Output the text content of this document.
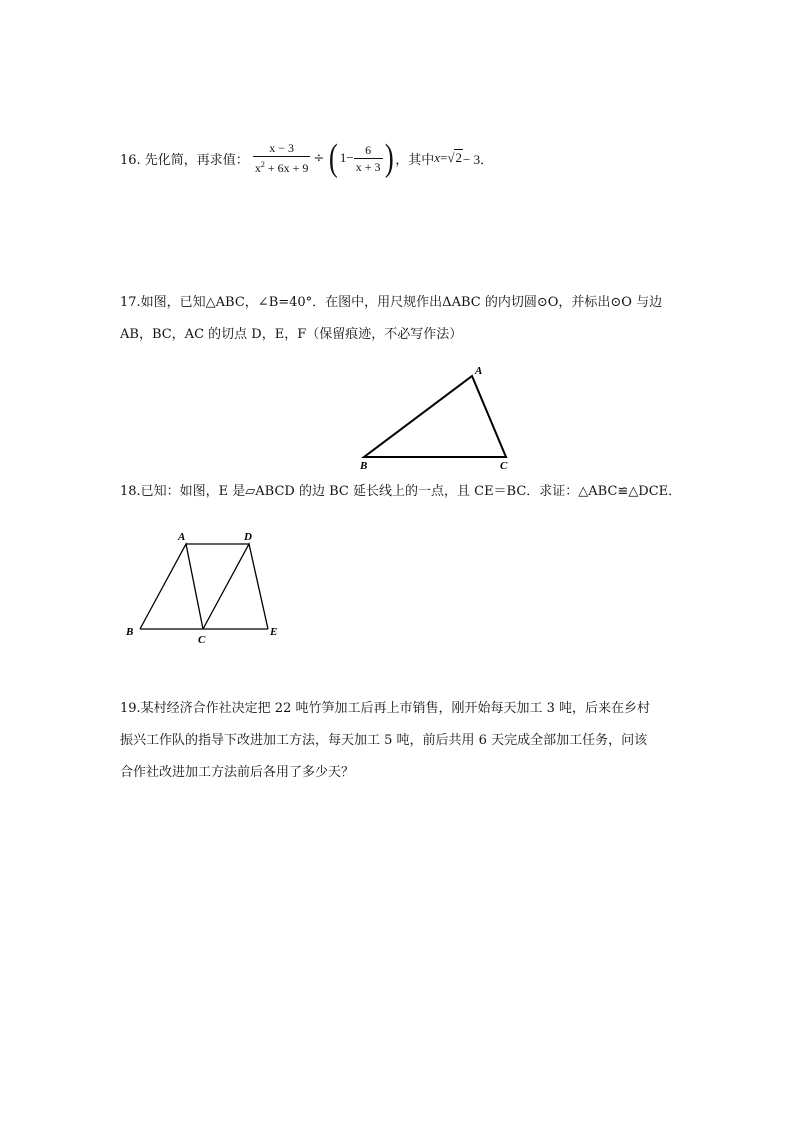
16. 先化简，再求值： $\frac{x - 3}{x^2 + 6x + 9}$ ÷ ( $1- \frac{6}{x + 3}$ ) ，其中 x = √2 − 3．
17.如图，已知△ABC，∠B=40°．在图中，用尺规作出ΔABC 的内切圆⊙O，并标出⊙O 与边
AB，BC，AC 的切点 D，E，F（保留痕迹，不必写作法）
A
B	C
18.已知：如图，E 是▱ABCD 的边 BC 延长线上的一点，且 CE＝BC．求证：△ABC≌△DCE．
A	D
B
C
E
19.某村经济合作社决定把 22 吨竹笋加工后再上市销售，刚开始每天加工 3 吨，后来在乡村
振兴工作队的指导下改进加工方法，每天加工 5 吨，前后共用 6 天完成全部加工任务，问该
合作社改进加工方法前后各用了多少天？
